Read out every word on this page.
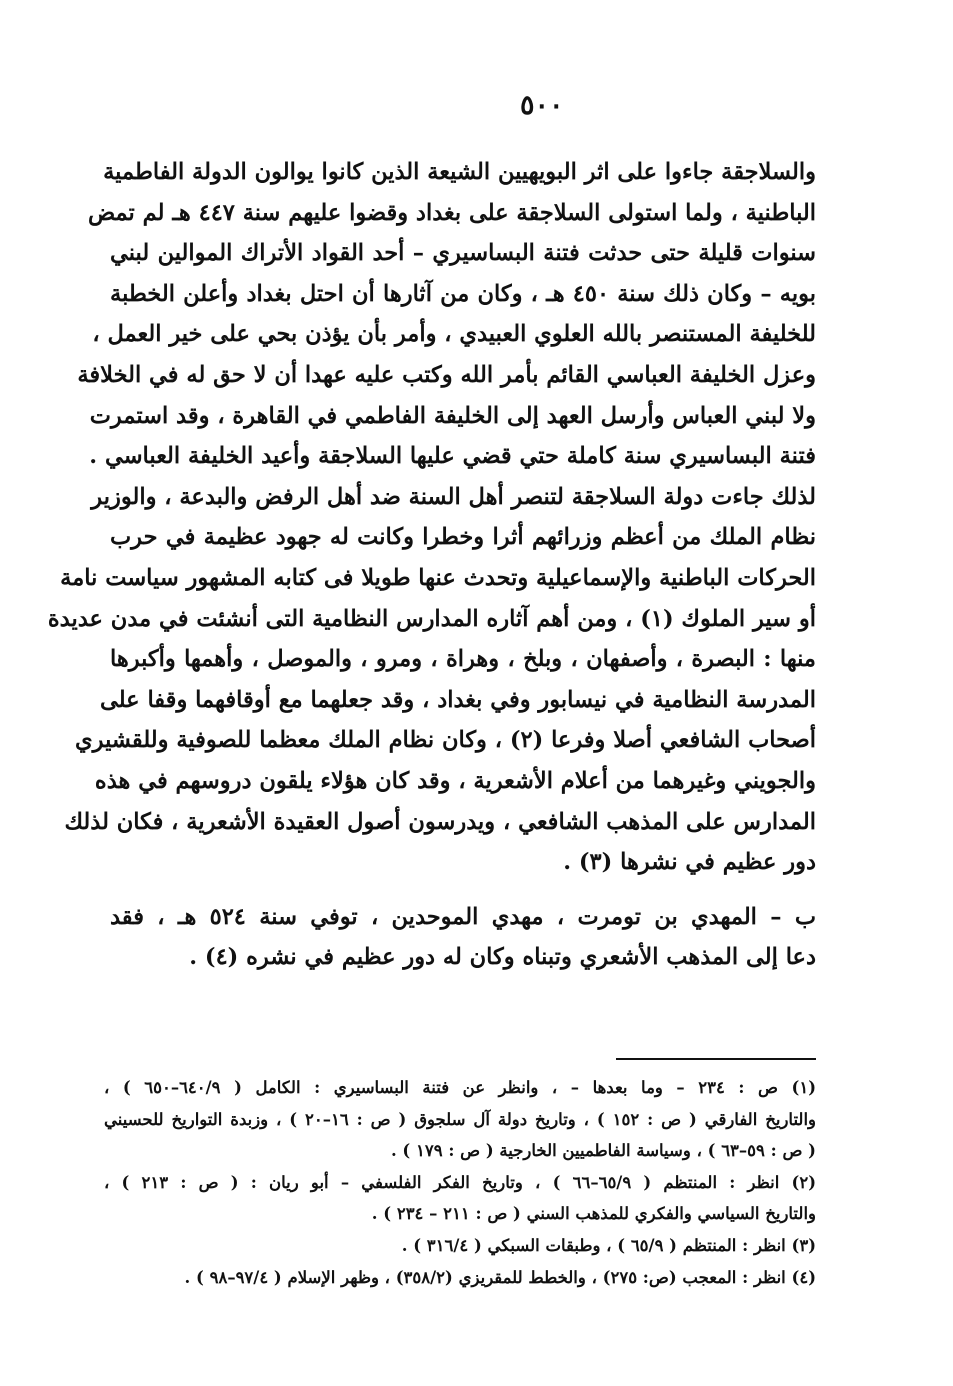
٥٠٠
والسلاجقة جاءوا على اثر البويهيين الشيعة الذين كانوا يوالون الدولة الفاطمية
الباطنية ، ولما استولى السلاجقة على بغداد وقضوا عليهم سنة ٤٤٧ هـ لم تمض
سنوات قليلة حتى حدثت فتنة البساسيري – أحد القواد الأتراك الموالين لبني
بويه – وكان ذلك سنة ٤٥٠ هـ ، وكان من آثارها أن احتل بغداد وأعلن الخطبة
للخليفة المستنصر بالله العلوي العبيدي ، وأمر بأن يؤذن بحي على خير العمل ،
وعزل الخليفة العباسي القائم بأمر الله وكتب عليه عهدا أن لا حق له في الخلافة
ولا لبني العباس وأرسل العهد إلى الخليفة الفاطمي في القاهرة ، وقد استمرت
فتنة البساسيري سنة كاملة حتي قضي عليها السلاجقة وأعيد الخليفة العباسي .
لذلك جاءت دولة السلاجقة لتنصر أهل السنة ضد أهل الرفض والبدعة ، والوزير
نظام الملك من أعظم وزرائهم أثرا وخطرا وكانت له جهود عظيمة في حرب
الحركات الباطنية والإسماعيلية وتحدث عنها طويلا فى كتابه المشهور سياست نامة
أو سير الملوك (١) ، ومن أهم آثاره المدارس النظامية التى أنشئت في مدن عديدة
منها : البصرة ، وأصفهان ، وبلخ ، وهراة ، ومرو ، والموصل ، وأهمها وأكبرها
المدرسة النظامية في نيسابور وفي بغداد ، وقد جعلهما مع أوقافهما وقفا على
أصحاب الشافعي أصلا وفرعا (٢) ، وكان نظام الملك معظما للصوفية وللقشيري
والجويني وغيرهما من أعلام الأشعرية ، وقد كان هؤلاء يلقون دروسهم في هذه
المدارس على المذهب الشافعي ، ويدرسون أصول العقيدة الأشعرية ، فكان لذلك
دور عظيم في نشرها (٣) .
ب – المهدي بن تومرت ، مهدي الموحدين ، توفي سنة ٥٢٤ هـ ، فقد
دعا إلى المذهب الأشعري وتبناه وكان له دور عظيم في نشره (٤) .
(١) ص : ٢٣٤ – وما بعدها – ، وانظر عن فتنة البساسيري : الكامل ( ٦٤٠/٩–٦٥٠ ) ،
والتاريخ الفارقي ( ص : ١٥٢ ) ، وتاريخ دولة آل سلجوق ( ص : ١٦–٢٠ ) ، وزبدة التواريخ للحسيني
( ص : ٥٩–٦٣ ) ، وسياسة الفاطميين الخارجية ( ص : ١٧٩ ) .
(٢) انظر : المنتظم ( ٦٥/٩–٦٦ ) ، وتاريخ الفكر الفلسفي – أبو ريان : ( ص : ٢١٣ ) ،
والتاريخ السياسي والفكري للمذهب السني ( ص : ٢١١ – ٢٣٤ ) .
(٣) انظر : المنتظم ( ٦٥/٩ ) ، وطبقات السبكي ( ٣١٦/٤ ) .
(٤) انظر : المعجب (ص: ٢٧٥) ، والخطط للمقريزي (٣٥٨/٢) ، وظهر الإسلام ( ٩٧/٤–٩٨ ) .
